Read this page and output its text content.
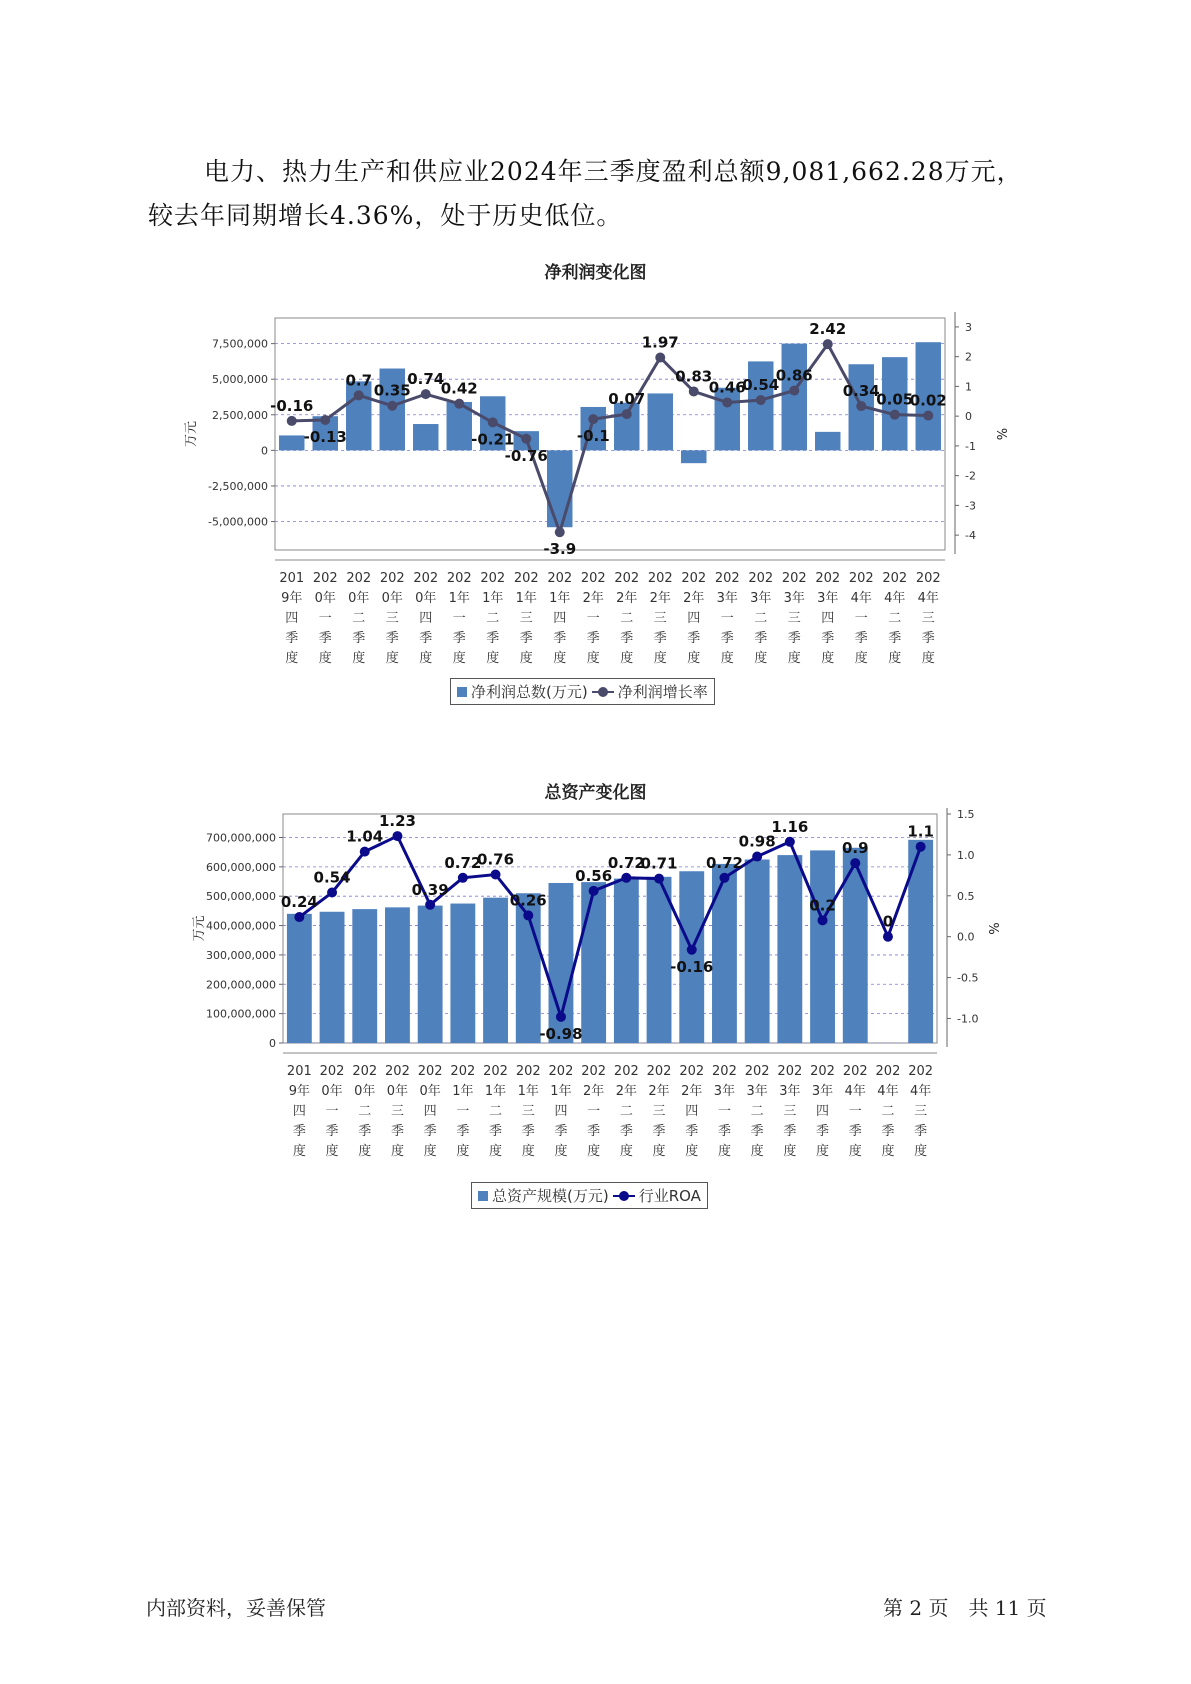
电力、热力生产和供应业2024年三季度盈利总额9,081,662.28万元，较去年同期增长4.36%，处于历史低位。

净利润变化图
7,500,000
5,000,000
2,500,000
0
-2,500,000
-5,000,000
3
2
1
0
-1
-2
-3
-4
万元	%
-0.16
-0.13
0.7
0.35
0.74
0.42
-0.21
-0.76
-3.9
-0.1
0.07
1.97
0.83
0.46
0.54
0.86
2.42
0.34
0.05
0.02
201 9年四季度
202 0年一季度
202 0年二季度
202 0年三季度
202 0年四季度
202 1年一季度
202 1年二季度
202 1年三季度
202 1年四季度
202 2年一季度
202 2年二季度
202 2年三季度
202 2年四季度
202 3年一季度
202 3年二季度
202 3年三季度
202 3年四季度
202 4年一季度
202 4年二季度
202 4年三季度
净利润总数(万元) 净利润增长率
总资产变化图
700,000,000
600,000,000
500,000,000
400,000,000
300,000,000
200,000,000
100,000,000
0
1.5
1.0
0.5
0.0
-0.5
-1.0
万元	%
0.24
0.54
1.04
1.23
0.39
0.72
0.76
0.26
-0.98
0.56
0.72
0.71
-0.16
0.72
0.98
1.16
0.2
0.9
0
1.1
201 9年四季度
202 0年一季度
202 0年二季度
202 0年三季度
202 0年四季度
202 1年一季度
202 1年二季度
202 1年三季度
202 1年四季度
202 2年一季度
202 2年二季度
202 2年三季度
202 2年四季度
202 3年一季度
202 3年二季度
202 3年三季度
202 3年四季度
202 4年一季度
202 4年二季度
202 4年三季度
总资产规模(万元) 行业ROA
内部资料，妥善保管	第 2 页　共 11 页
